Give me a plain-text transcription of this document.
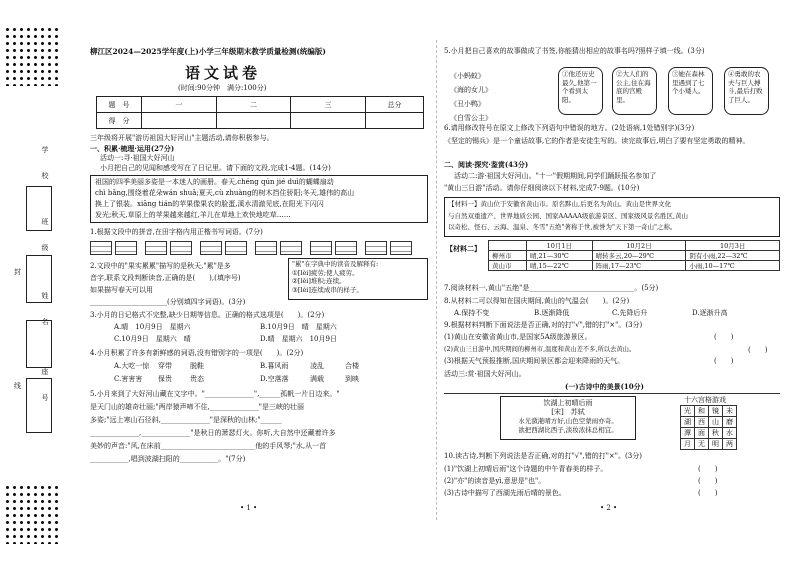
学　校
班　级
封
姓　名
座　号
线
柳江区2024—2025学年度(上)小学三年级期末教学质量检测(统编版)
语文试卷
(时间:90分钟　满分:100分)
题　号	一	二	三	总分
得　分				
三年级将开展"游历祖国大好河山"主题活动,请你积极参与。
一、积累·梳理·运用(27分)
活动一:寻·祖国大好河山
小月把自己的见闻和感受写在了日记里。请下面的文段,完成1-4题。(14分)
祖国的四季美丽多姿是一本迷人的画册。春天,chéng qún jié duì的蝴蝶扇动
chì bǎng,围绕着花朵wán shuǎ;夏天,cù zhuàng的树木挡住骄阳;冬天,雄伟的高山
换上了银装。xiāng tián的苹果像果农的脸蛋,溪水清澈见底,在阳光下闪闪
发光;秋天,草原上的苹果越来越红,羊儿在草地上欢快地吃草……
1.根据文段中的拼音,在田字格内用正楷书写词语。(7分)

2.文段中的"果实累累"描写的是秋天,"累"是多
音字,联系文段判断读音,正确的是(　　),(填序号)
如果描写春天可以用
______________________(分别填四字词语)。(3分)
"累"在字典中的读音及解释有:
①[lèi]疲劳;使人疲劳。
②[lěi]堆积;连续。
③[léi]连续成串的样子。
3.小月的日记格式不完整,缺少日期等信息。正确的格式选项是(　　)。(2分)
A.晴　10月9日　星期六	B.10月9日　晴　星期六
C.10月9日　星期六　晴	D.晴　星期六　10月9日
4.小月积累了许多有新鲜感的词语,没有错别字的一项是(　　)。(2分)
A.大吃一惊 穿带	脱鞋	B.暮风雨	凌乱	合楼
C.害害害 保贵	贵态	D.空落落	满载	到映
5.小月来到了大好河山藏在文字中。"______________",______孤帆一片日边来。"
是天门山的雄奇壮丽;"两岸猿声啼不住,______________"是三峡的壮丽
多姿;"远上寒山石径斜,______________"是深秋的山林;"______
______________,______________"是秋日的萧瑟灯火。你听,大自然中还藏着许多
美妙的声音:"风,在床前___________________________他的手风琴;"水,从一首
___________,唱到波湖扫阳的___________。"(7分)
• 1 •
5.小月把自己喜欢的故事做成了书签,你能猜出相应的故事名吗?照样子填一线。(3分)
《小蚂蚁》
《海的女儿》
《丑小鸭》
《白雪公主》
①他还历史最久,他第一个看到太阳。
②大人们的公主,住在海底的宫殿里。
③她在森林里遇到了七个小矮人。
④勇敢的农夫与巨人搏斗,最后打败了巨人。
6.请用修改符号在原文上修改下列语句中错误的地方。(2处语病,1处错别字)(3分)
《坚定的锡兵》是一个童话故事,它的作者是安徒生写的。读完故事后,明白了要有坚定勇敢的精神。
二、阅读·探究·鉴赏(43分)
活动二:游·祖国大好河山。"十一"假期期间,同学们踊跃报名参加了
"黄山三日游"活动。请你仔细阅读以下材料,完成7-9题。(10分)
【材料一】黄山位于安徽省黄山市。原名黟山,后更名为黄山。黄山是世界文化
与自然双重遗产、世界地质公园、国家AAAAA级旅游景区、国家级风景名胜区,黄山
以奇松、怪石、云海、温泉、冬雪"五绝"著称于世,被誉为"天下第一奇山"之称。
【材料二】
		10月1日	10月2日	10月3日
柳州市	晴,21—30℃	晴转多云,20—29℃	阴有小雨,22—32℃
黄山市	晴,15—22℃	阵雨,17—23℃	小雨,10—17℃
7.阅读材料一,黄山"五绝"是______________________________。(5分)
8.从材料二可以得知在国庆期间,黄山的气温会(　　)。(2分)
A.保持不变	B.逐渐降低	C.先降后升	D.逐渐升高
9.根据材料判断下面说法是否正确,对的打"√",错的打"×"。(3分)
(1)黄山在安徽省黄山市,是国家5A级旅游景区。
(2)黄山三日游中,国庆期间的柳州市,温度和黄山差不多,所以去黄山。
(3)根据天气预报推断,国庆期间景区都会迎来降雨的天气。
(　　)
(　　)
(　　)
活动三:赏·祖国大好河山。
(一)古诗中的美景(10分)
饮湖上初晴后雨
[宋]　苏轼
水光潋滟晴方好,山色空蒙雨亦奇。
欲把西湖比西子,淡妆浓抹总相宜。
十六宫格游戏
光	和	镜	未
湖	西	山	磨
潭	面	秋	水
月	无	明	两
10.读古诗,判断下列说法是否正确,对的打"√",错的打"×"。(3分)
(1)"饮湖上初晴后雨"这个诗题的中午青春美的样子。
(2)"亦"的读音是yì,意思是"也"。
(3)古诗中描写了西湖先雨后晴的景色。
(　　)
(　　)
(　　)
• 2 •
